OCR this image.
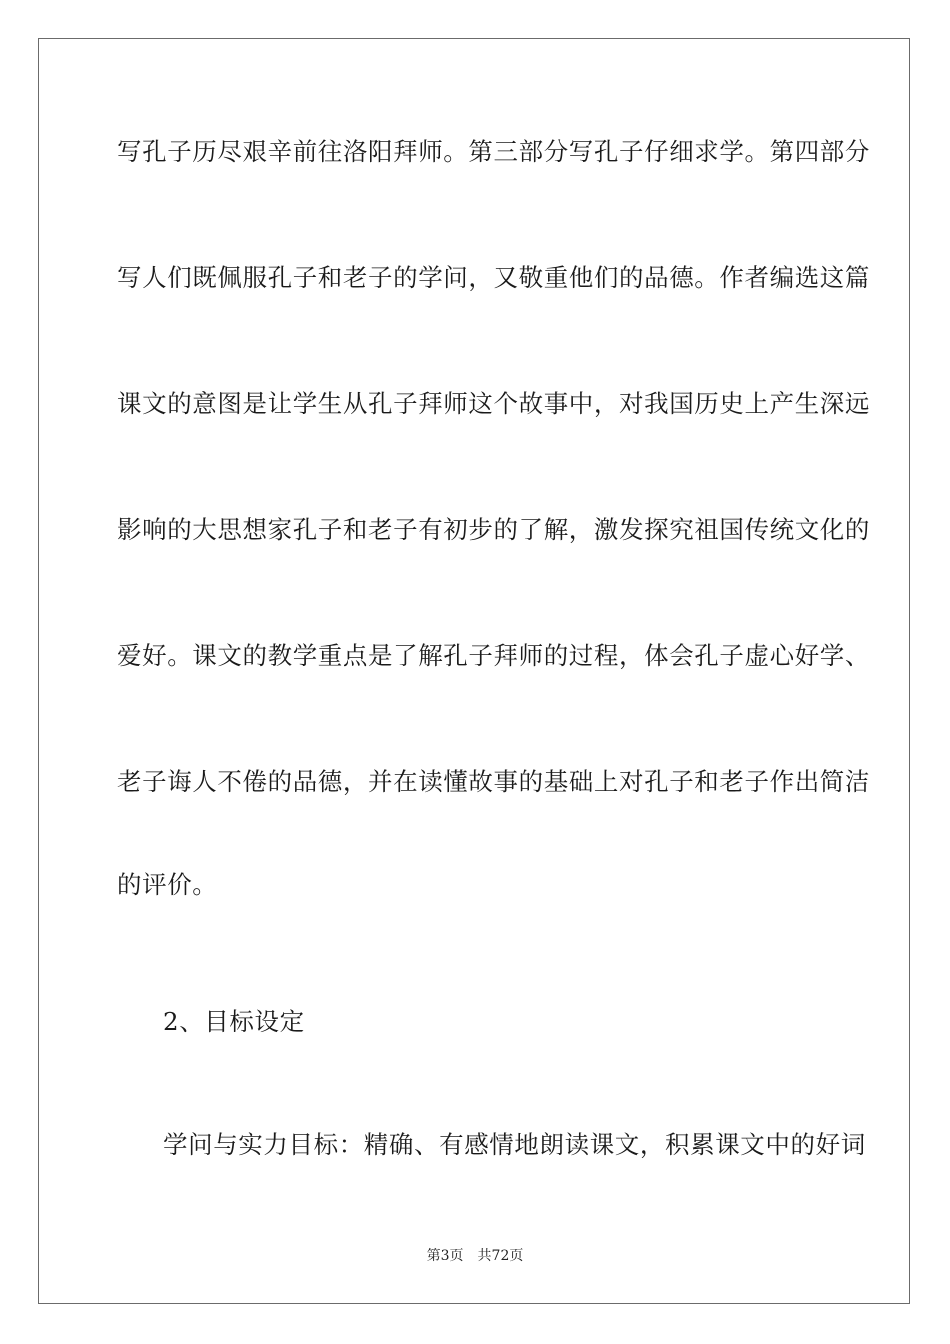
写孔子历尽艰辛前往洛阳拜师。第三部分写孔子仔细求学。第四部分
写人们既佩服孔子和老子的学问，又敬重他们的品德。作者编选这篇
课文的意图是让学生从孔子拜师这个故事中，对我国历史上产生深远
影响的大思想家孔子和老子有初步的了解，激发探究祖国传统文化的
爱好。课文的教学重点是了解孔子拜师的过程，体会孔子虚心好学、
老子诲人不倦的品德，并在读懂故事的基础上对孔子和老子作出简洁
的评价。
2、目标设定
学问与实力目标：精确、有感情地朗读课文，积累课文中的好词
第3页 共72页
